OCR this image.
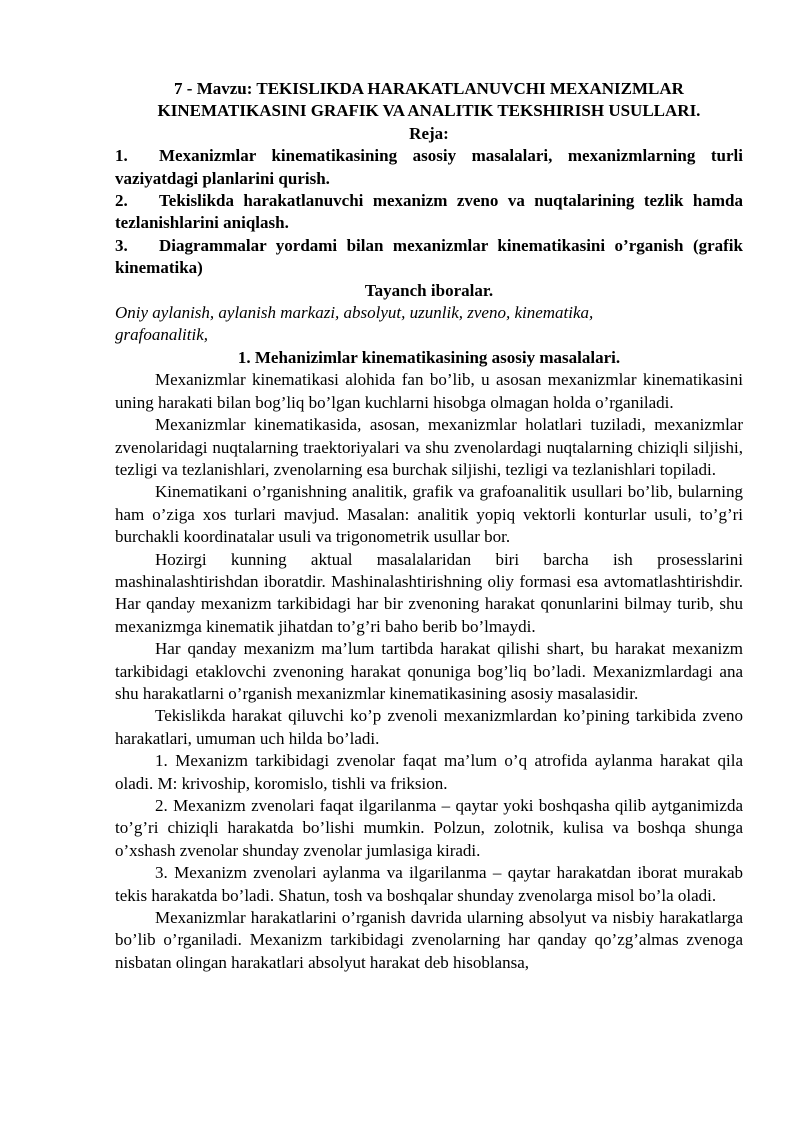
7 - Mavzu: TEKISLIKDA HARAKATLANUVCHI MEXANIZMLAR
KINEMATIKASINI GRAFIK VA ANALITIK TEKSHIRISH USULLARI.
Reja:
1. Mexanizmlar kinematikasining asosiy masalalari, mexanizmlarning turli vaziyatdagi planlarini qurish.
2. Tekislikda harakatlanuvchi mexanizm zveno va nuqtalarining tezlik hamda tezlanishlarini aniqlash.
3. Diagrammalar yordami bilan mexanizmlar kinematikasini o’rganish (grafik kinematika)
Tayanch iboralar.
Oniy aylanish, aylanish markazi, absolyut, uzunlik, zveno, kinematika,
grafoanalitik,
1. Mehanizimlar kinematikasining asosiy masalalari.

Mexanizmlar kinematikasi alohida fan bo’lib, u asosan mexanizmlar kinematikasini uning harakati bilan bog’liq bo’lgan kuchlarni hisobga olmagan holda o’rganiladi.

Mexanizmlar kinematikasida, asosan, mexanizmlar holatlari tuziladi, mexanizmlar zvenolaridagi nuqtalarning traektoriyalari va shu zvenolardagi nuqtalarning chiziqli siljishi, tezligi va tezlanishlari, zvenolarning esa burchak siljishi, tezligi va tezlanishlari topiladi.

Kinematikani o’rganishning analitik, grafik va grafoanalitik usullari bo’lib, bularning ham o’ziga xos turlari mavjud. Masalan: analitik yopiq vektorli konturlar usuli, to’g’ri burchakli koordinatalar usuli va trigonometrik usullar bor.

Hozirgi kunning aktual masalalaridan biri barcha ish prosesslarini mashinalashtirishdan iboratdir. Mashinalashtirishning oliy formasi esa avtomatlashtirishdir. Har qanday mexanizm tarkibidagi har bir zvenoning harakat qonunlarini bilmay turib, shu mexanizmga kinematik jihatdan to’g’ri baho berib bo’lmaydi.

Har qanday mexanizm ma’lum tartibda harakat qilishi shart, bu harakat mexanizm tarkibidagi etaklovchi zvenoning harakat qonuniga bog’liq bo’ladi. Mexanizmlardagi ana shu harakatlarni o’rganish mexanizmlar kinematikasining asosiy masalasidir.

Tekislikda harakat qiluvchi ko’p zvenoli mexanizmlardan ko’pining tarkibida zveno harakatlari, umuman uch hilda bo’ladi.

1. Mexanizm tarkibidagi zvenolar faqat ma’lum o’q atrofida aylanma harakat qila oladi. M: krivoship, koromislo, tishli va friksion.

2. Mexanizm zvenolari faqat ilgarilanma – qaytar yoki boshqasha qilib aytganimizda to’g’ri chiziqli harakatda bo’lishi mumkin. Polzun, zolotnik, kulisa va boshqa shunga o’xshash zvenolar shunday zvenolar jumlasiga kiradi.

3. Mexanizm zvenolari aylanma va ilgarilanma – qaytar harakatdan iborat murakab tekis harakatda bo’ladi. Shatun, tosh va boshqalar shunday zvenolarga misol bo’la oladi.

Mexanizmlar harakatlarini o’rganish davrida ularning absolyut va nisbiy harakatlarga bo’lib o’rganiladi. Mexanizm tarkibidagi zvenolarning har qanday qo’zg’almas zvenoga nisbatan olingan harakatlari absolyut harakat deb hisoblansa,
